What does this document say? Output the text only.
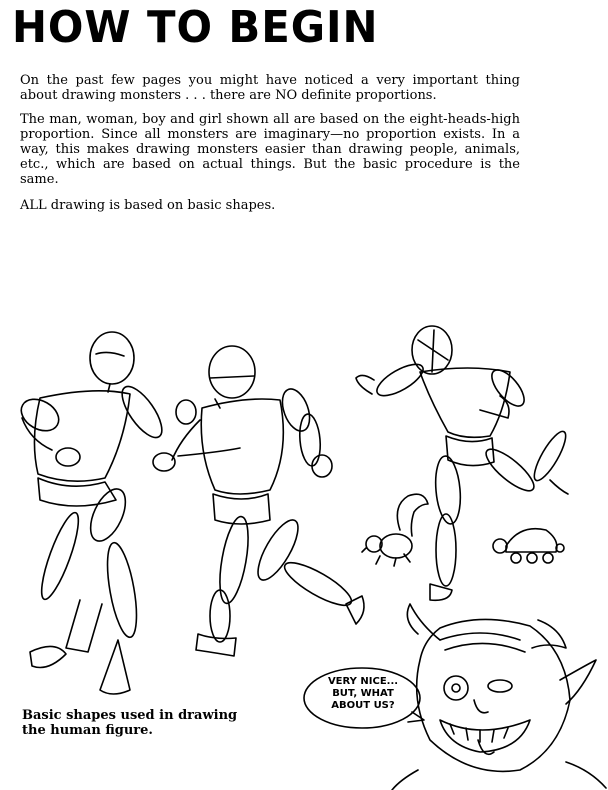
HOW TO BEGIN
On the past few pages you might have noticed a very important thing about drawing monsters . . . there are NO definite proportions.
The man, woman, boy and girl shown all are based on the eight-heads-high proportion. Since all monsters are imaginary—no proportion exists. In a way, this makes drawing monsters easier than drawing people, animals, etc., which are based on actual things. But the basic procedure is the same.
ALL drawing is based on basic shapes.
VERY NICE... BUT, WHAT ABOUT US?
Basic shapes used in drawing the human figure.
